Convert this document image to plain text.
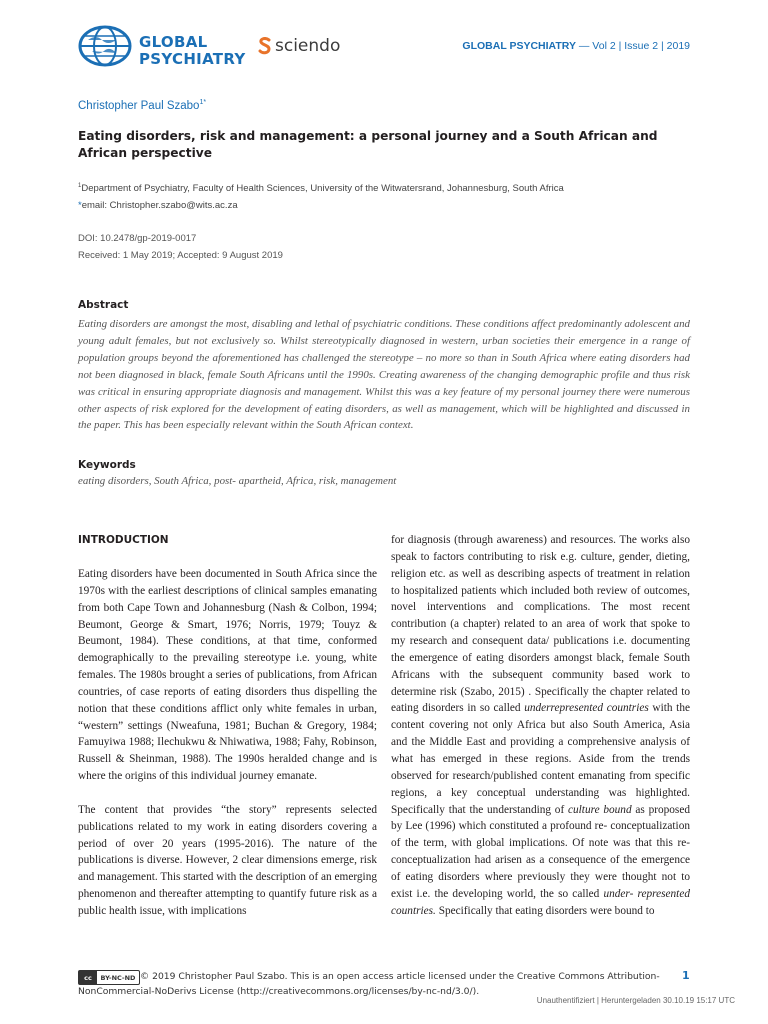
GLOBAL
PSYCHIATRY
sciendo	GLOBAL PSYCHIATRY — Vol 2 | Issue 2 | 2019
Christopher Paul Szabo$^{1*}$
Eating disorders, risk and management: a personal journey and a South African and African perspective
$^1$Department of Psychiatry, Faculty of Health Sciences, University of the Witwatersrand, Johannesburg, South Africa
*email: Christopher.szabo@wits.ac.za
DOI: 10.2478/gp-2019-0017
Received: 1 May 2019; Accepted: 9 August 2019
Abstract
Eating disorders are amongst the most, disabling and lethal of psychiatric conditions. These conditions affect predominantly adolescent and young adult females, but not exclusively so. Whilst stereotypically diagnosed in western, urban societies their emergence in a range of population groups beyond the aforementioned has challenged the stereotype – no more so than in South Africa where eating disorders had not been diagnosed in black, female South Africans until the 1990s. Creating awareness of the changing demographic profile and thus risk was critical in ensuring appropriate diagnosis and management. Whilst this was a key feature of my personal journey there were numerous other aspects of risk explored for the development of eating disorders, as well as management, which will be highlighted and discussed in the paper. This has been especially relevant within the South African context.
Keywords
eating disorders, South Africa, post- apartheid, Africa, risk, management
INTRODUCTION

Eating disorders have been documented in South Africa since the 1970s with the earliest descriptions of clinical samples emanating from both Cape Town and Johannesburg (Nash & Colbon, 1994; Beumont, George & Smart, 1976; Norris, 1979; Touyz & Beumont, 1984). These conditions, at that time, conformed demographically to the prevailing stereotype i.e. young, white females. The 1980s brought a series of publications, from African countries, of case reports of eating disorders thus dispelling the notion that these conditions afflict only white females in urban, “western” settings (Nweafuna, 1981; Buchan & Gregory, 1984; Famuyiwa 1988; Ilechukwu & Nhiwatiwa, 1988; Fahy, Robinson, Russell & Sheinman, 1988). The 1990s heralded change and is where the origins of this individual journey emanate.

The content that provides “the story” represents selected publications related to my work in eating disorders covering a period of over 20 years (1995-2016). The nature of the publications is diverse. However, 2 clear dimensions emerge, risk and management. This started with the description of an emerging phenomenon and thereafter attempting to quantify future risk as a public health issue, with implications

for diagnosis (through awareness) and resources. The works also speak to factors contributing to risk e.g. culture, gender, dieting, religion etc. as well as describing aspects of treatment in relation to hospitalized patients which included both review of outcomes, novel interventions and complications. The most recent contribution (a chapter) related to an area of work that spoke to my research and consequent data/ publications i.e. documenting the emergence of eating disorders amongst black, female South Africans with the subsequent community based work to determine risk (Szabo, 2015) . Specifically the chapter related to eating disorders in so called underrepresented countries with the content covering not only Africa but also South America, Asia and the Middle East and providing a comprehensive analysis of what has emerged in these regions. Aside from the trends observed for research/published content emanating from specific regions, a key conceptual understanding was highlighted. Specifically that the understanding of culture bound as proposed by Lee (1996) which constituted a profound re- conceptualization of the term, with global implications. Of note was that this re-conceptualization had arisen as a consequence of the emergence of eating disorders where previously they were thought not to exist i.e. the developing world, the so called under- represented countries. Specifically that eating disorders were bound to

© 2019 Christopher Paul Szabo. This is an open access article licensed under the Creative Commons Attribution-NonCommercial-NoDerivs License (http://creativecommons.org/licenses/by-nc-nd/3.0/).
cc	BY-NC-ND	1
Unauthentifiziert | Heruntergeladen 30.10.19 15:17 UTC
